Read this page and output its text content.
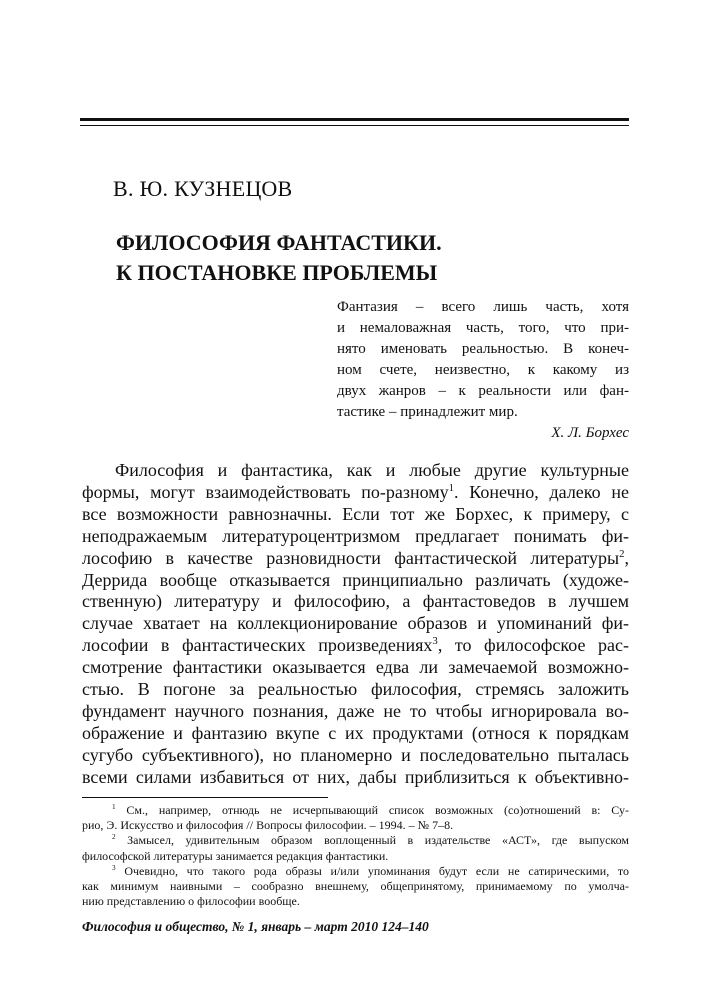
В. Ю. КУЗНЕЦОВ
ФИЛОСОФИЯ ФАНТАСТИКИ.
К ПОСТАНОВКЕ ПРОБЛЕМЫ
Фантазия – всего лишь часть, хотя
и немаловажная часть, того, что при-
нято именовать реальностью. В конеч-
ном счете, неизвестно, к какому из
двух жанров – к реальности или фан-
тастике – принадлежит мир.
Х. Л. Борхес
Философия и фантастика, как и любые другие культурные
формы, могут взаимодействовать по-разному$^1$. Конечно, далеко не
все возможности равнозначны. Если тот же Борхес, к примеру, с
неподражаемым литературоцентризмом предлагает понимать фи-
лософию в качестве разновидности фантастической литературы$^2$,
Деррида вообще отказывается принципиально различать (художе-
ственную) литературу и философию, а фантастоведов в лучшем
случае хватает на коллекционирование образов и упоминаний фи-
лософии в фантастических произведениях$^3$, то философское рас-
смотрение фантастики оказывается едва ли замечаемой возможно-
стью. В погоне за реальностью философия, стремясь заложить
фундамент научного познания, даже не то чтобы игнорировала во-
ображение и фантазию вкупе с их продуктами (относя к порядкам
сугубо субъективного), но планомерно и последовательно пыталась
всеми силами избавиться от них, дабы приблизиться к объективно-
$^1$ См., например, отнюдь не исчерпывающий список возможных (со)отношений в: Су-
рио, Э. Искусство и философия // Вопросы философии. – 1994. – № 7–8.
$^2$ Замысел, удивительным образом воплощенный в издательстве «АСТ», где выпуском
философской литературы занимается редакция фантастики.
$^3$ Очевидно, что такого рода образы и/или упоминания будут если не сатирическими, то
как минимум наивными – сообразно внешнему, общепринятому, принимаемому по умолча-
нию представлению о философии вообще.
Философия и общество, № 1, январь – март 2010 124–140
